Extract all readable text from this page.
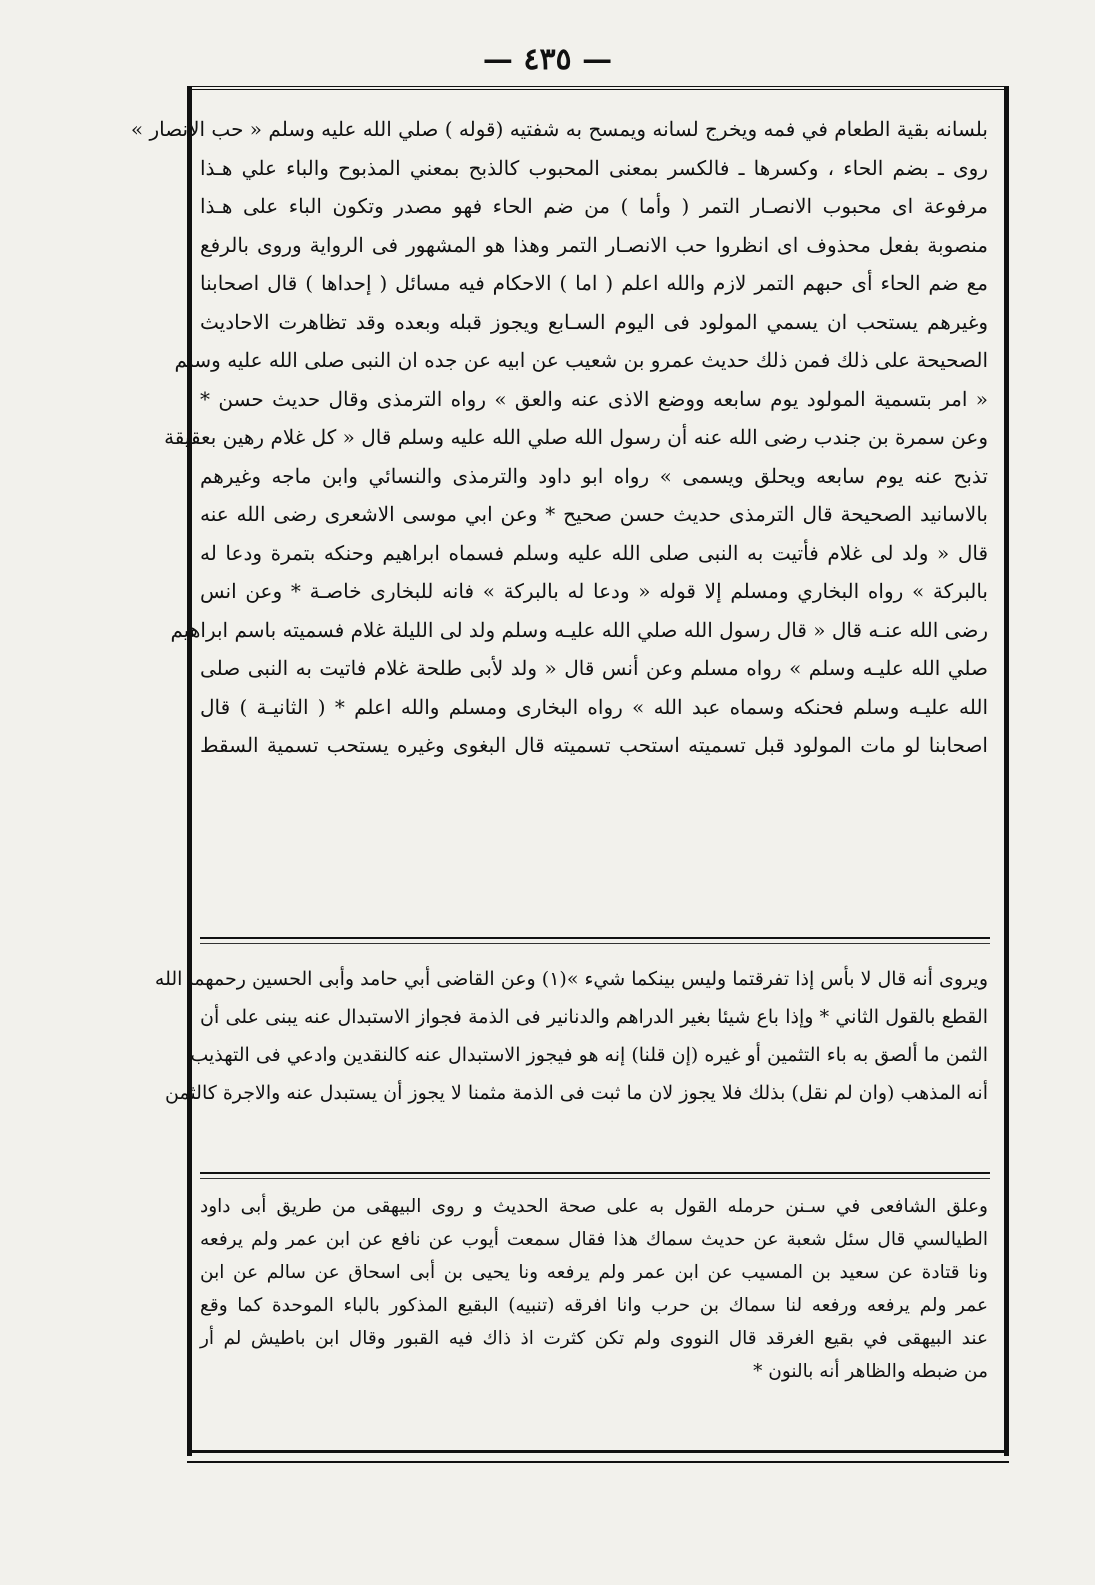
— ٤٣٥ —
بلسانه بقية الطعام في فمه ويخرج لسانه ويمسح به شفتيه (قوله ) صلي الله عليه وسلم « حب الانصار »
روى ـ بضم الحاء ، وكسرها ـ فالكسر بمعنى المحبوب كالذبح بمعني المذبوح والباء علي هـذا
مرفوعة اى محبوب الانصـار التمر ( وأما ) من ضم الحاء فهو مصدر وتكون الباء على هـذا
منصوبة بفعل محذوف اى انظروا حب الانصـار التمر وهذا هو المشهور فى الرواية وروى بالرفع
مع ضم الحاء أى حبهم التمر لازم والله اعلم ( اما ) الاحكام فيه مسائل ( إحداها ) قال اصحابنا
وغيرهم يستحب ان يسمي المولود فى اليوم السـابع ويجوز قبله وبعده وقد تظاهرت الاحاديث
الصحيحة على ذلك فمن ذلك حديث عمرو بن شعيب عن ابيه عن جده ان النبى صلى الله عليه وسلم
« امر بتسمية المولود يوم سابعه ووضع الاذى عنه والعق » رواه الترمذى وقال حديث حسن *
وعن سمرة بن جندب رضى الله عنه أن رسول الله صلي الله عليه وسلم قال « كل غلام رهين بعقيقة
تذبح عنه يوم سابعه ويحلق ويسمى » رواه ابو داود والترمذى والنسائي وابن ماجه وغيرهم
بالاسانيد الصحيحة قال الترمذى حديث حسن صحيح * وعن ابي موسى الاشعرى رضى الله عنه
قال « ولد لى غلام فأتيت به النبى صلى الله عليه وسلم فسماه ابراهيم وحنكه بتمرة ودعا له
بالبركة » رواه البخاري ومسلم إلا قوله « ودعا له بالبركة » فانه للبخارى خاصـة * وعن انس
رضى الله عنـه قال « قال رسول الله صلي الله عليـه وسلم ولد لى الليلة غلام فسميته باسم ابراهيم
صلي الله عليـه وسلم » رواه مسلم وعن أنس قال « ولد لأبى طلحة غلام فاتيت به النبى صلى
الله عليـه وسلم فحنكه وسماه عبد الله » رواه البخارى ومسلم والله اعلم * ( الثانيـة ) قال
اصحابنا لو مات المولود قبل تسميته استحب تسميته قال البغوى وغيره يستحب تسمية السقط
ويروى أنه قال لا بأس إذا تفرقتما وليس بينكما شيء »(١) وعن القاضى أبي حامد وأبى الحسين رحمهما الله
القطع بالقول الثاني * وإذا باع شيئا بغير الدراهم والدنانير فى الذمة فجواز الاستبدال عنه يبنى على أن
الثمن ما ألصق به باء التثمين أو غيره (إن قلنا) إنه هو فيجوز الاستبدال عنه كالنقدين وادعي فى التهذيب
أنه المذهب (وان لم نقل) بذلك فلا يجوز لان ما ثبت فى الذمة مثمنا لا يجوز أن يستبدل عنه والاجرة كالثمن
وعلق الشافعى في سـنن حرمله القول به على صحة الحديث و روى البيهقى من طريق أبى داود
الطيالسي قال سئل شعبة عن حديث سماك هذا فقال سمعت أيوب عن نافع عن ابن عمر ولم يرفعه
ونا قتادة عن سعيد بن المسيب عن ابن عمر ولم يرفعه ونا يحيى بن أبى اسحاق عن سالم عن ابن
عمر ولم يرفعه ورفعه لنا سماك بن حرب وانا افرقه (تنبيه) البقيع المذكور بالباء الموحدة كما وقع
عند البيهقى في بقيع الغرقد قال النووى ولم تكن كثرت اذ ذاك فيه القبور وقال ابن باطيش لم أر
من ضبطه والظاهر أنه بالنون *
